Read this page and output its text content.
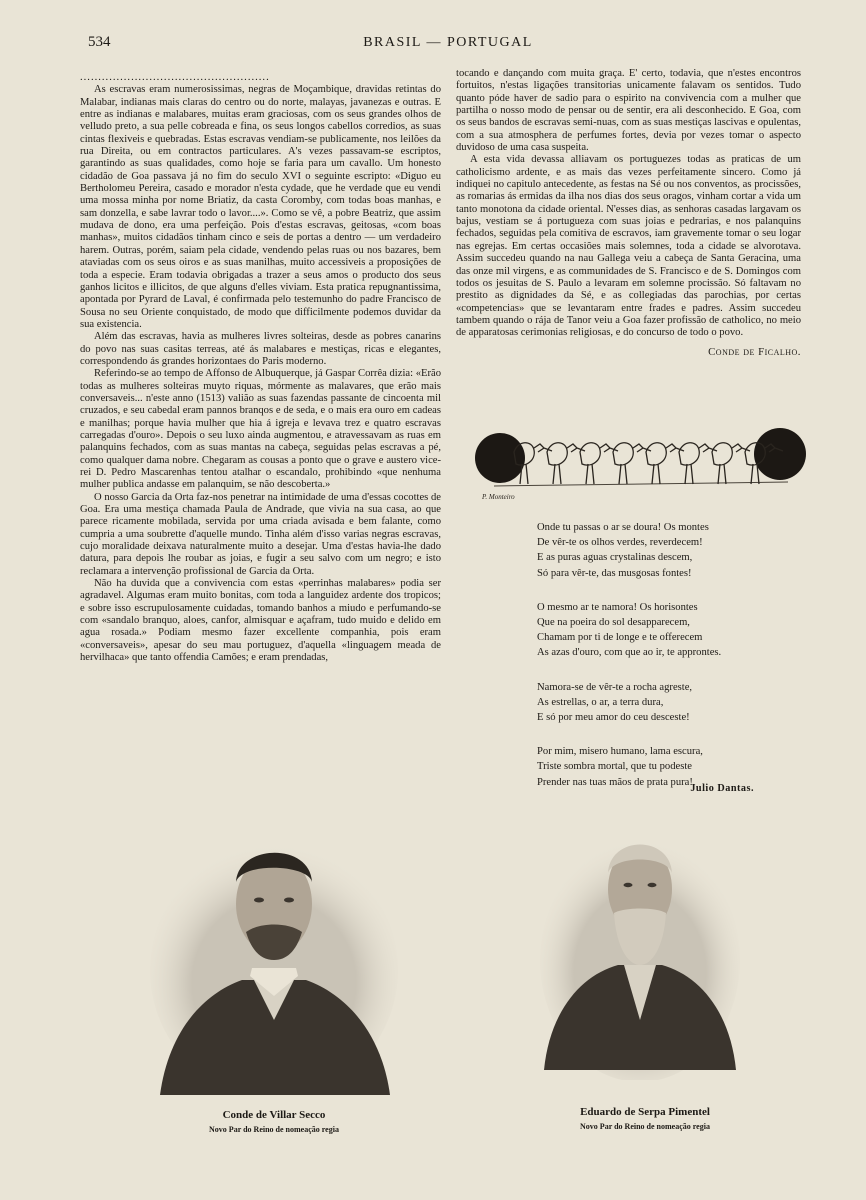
534	BRASIL — PORTUGAL
....................................................

As escravas eram numerosissimas, negras de Moçambique, dravidas retintas do Malabar, indianas mais claras do centro ou do norte, malayas, javanezas e outras. E entre as indianas e malabares, muitas eram graciosas, com os seus grandes olhos de velludo preto, a sua pelle cobreada e fina, os seus longos cabellos corredios, as suas cintas flexiveis e quebradas. Estas escravas vendiam-se publicamente, nos leilões da rua Direita, ou em contractos particulares. A's vezes passavam-se escriptos, garantindo as suas qualidades, como hoje se faria para um cavallo. Um honesto cidadão de Goa passava já no fim do seculo XVI o seguinte escripto: «Diguo eu Bertholomeu Pereira, casado e morador n'esta cydade, que he verdade que eu vendi uma mossa minha por nome Briatiz, da casta Coromby, com todas boas manhas, e sam donzella, e sabe lavrar todo o lavor....». Como se vê, a pobre Beatriz, que assim mudava de dono, era uma perfeição. Pois d'estas escravas, geitosas, «com boas manhas», muitos cidadãos tinham cinco e seis de portas a dentro — um verdadeiro harem. Outras, porém, saiam pela cidade, vendendo pelas ruas ou nos bazares, bem ataviadas com os seus oiros e as suas manilhas, muito accessiveis a proposições de toda a especie. Eram todavia obrigadas a trazer a seus amos o producto dos seus ganhos licitos e illicitos, de que alguns d'elles viviam. Esta pratica repugnantissima, apontada por Pyrard de Laval, é confirmada pelo testemunho do padre Francisco de Sousa no seu Oriente conquistado, de modo que difficilmente podemos duvidar da sua existencia.

Além das escravas, havia as mulheres livres solteiras, desde as pobres canarins do povo nas suas casitas terreas, até ás malabares e mestiças, ricas e elegantes, correspondendo ás grandes horizontaes do Paris moderno.

Referindo-se ao tempo de Affonso de Albuquerque, já Gaspar Corrêa dizia: «Erão todas as mulheres solteiras muyto riquas, mórmente as malavares, que erão mais conversaveis... n'este anno (1513) valião as suas fazendas passante de cincoenta mil cruzados, e seu cabedal eram pannos branqos e de seda, e o mais era ouro em cadeas e manilhas; porque havia mulher que hia á igreja e levava trez e quatro escravas carregadas d'ouro». Depois o seu luxo ainda augmentou, e atravessavam as ruas em palanquins fechados, com as suas mantas na cabeça, seguidas pelas escravas a pé, como qualquer dama nobre. Chegaram as cousas a ponto que o grave e austero vice-rei D. Pedro Mascarenhas tentou atalhar o escandalo, prohibindo «que nenhuma mulher publica andasse em palanquim, se não descoberta.»

O nosso Garcia da Orta faz-nos penetrar na intimidade de uma d'essas cocottes de Goa. Era uma mestiça chamada Paula de Andrade, que vivia na sua casa, ao que parece ricamente mobilada, servida por uma criada avisada e bem falante, como cumpria a uma soubrette d'aquelle mundo. Tinha além d'isso varias negras escravas, cujo moralidade deixava naturalmente muito a desejar. Uma d'estas havia-lhe dado datura, para depois lhe roubar as joias, e fugir a seu salvo com um negro; e isto reclamara a intervenção profissional de Garcia da Orta.

Não ha duvida que a convivencia com estas «perrinhas malabares» podia ser agradavel. Algumas eram muito bonitas, com toda a languidez ardente dos tropicos; e sobre isso escrupulosamente cuidadas, tomando banhos a miudo e perfumando-se com «sandalo branquo, aloes, canfor, almisquar e açafram, tudo muido e delido em agua rosada.» Podiam mesmo fazer excellente companhia, pois eram «conversaveis», apesar do seu mau portuguez, d'aquella «linguagem meada de hervilhaca» que tanto offendia Camões; e eram prendadas,

tocando e dançando com muita graça. E' certo, todavia, que n'estes encontros fortuitos, n'estas ligações transitorias unicamente falavam os sentidos. Tudo quanto póde haver de sadio para o espirito na convivencia com a mulher que partilha o nosso modo de pensar ou de sentir, era ali desconhecido. E Goa, com os seus bandos de escravas semi-nuas, com as suas mestiças lascivas e opulentas, com a sua atmosphera de perfumes fortes, devia por vezes tomar o aspecto duvidoso de uma casa suspeita.

A esta vida devassa alliavam os portuguezes todas as praticas de um catholicismo ardente, e as mais das vezes perfeitamente sincero. Como já indiquei no capitulo antecedente, as festas na Sé ou nos conventos, as procissões, as romarias ás ermidas da ilha nos dias dos seus oragos, vinham cortar a vida um tanto monotona da cidade oriental. N'esses dias, as senhoras casadas largavam os bajus, vestiam se á portugueza com suas joias e pedrarias, e nos palanquins fechados, seguidas pela comitiva de escravos, iam gravemente tomar o seu logar nas egrejas. Em certas occasiões mais solemnes, toda a cidade se alvorotava. Assim succedeu quando na nau Gallega veiu a cabeça de Santa Geracina, uma das onze mil virgens, e as communidades de S. Francisco e de S. Domingos com todos os jesuitas de S. Paulo a levaram em solemne procissão. Só faltavam no prestito as dignidades da Sé, e as collegiadas das parochias, por certas «competencias» que se levantaram entre frades e padres. Assim succedeu tambem quando o rája de Tanor veiu a Goa fazer profissão de catholico, no meio de apparatosas cerimonias religiosas, e do concurso de todo o povo.

Conde de Ficalho.
P. Monteiro
Onde tu passas o ar se doura! Os montes
De vêr-te os olhos verdes, reverdecem!
E as puras aguas crystalinas descem,
Só para vêr-te, das musgosas fontes!
O mesmo ar te namora! Os horisontes
Que na poeira do sol desapparecem,
Chamam por ti de longe e te offerecem
As azas d'ouro, com que ao ir, te approntes.
Namora-se de vêr-te a rocha agreste,
As estrellas, o ar, a terra dura,
E só por meu amor do ceu desceste!
Por mim, misero humano, lama escura,
Triste sombra mortal, que tu podeste
Prender nas tuas mãos de prata pura!
Julio Dantas.
Conde de Villar Secco
Novo Par do Reino de nomeação regia
Eduardo de Serpa Pimentel
Novo Par do Reino de nomeação regia
